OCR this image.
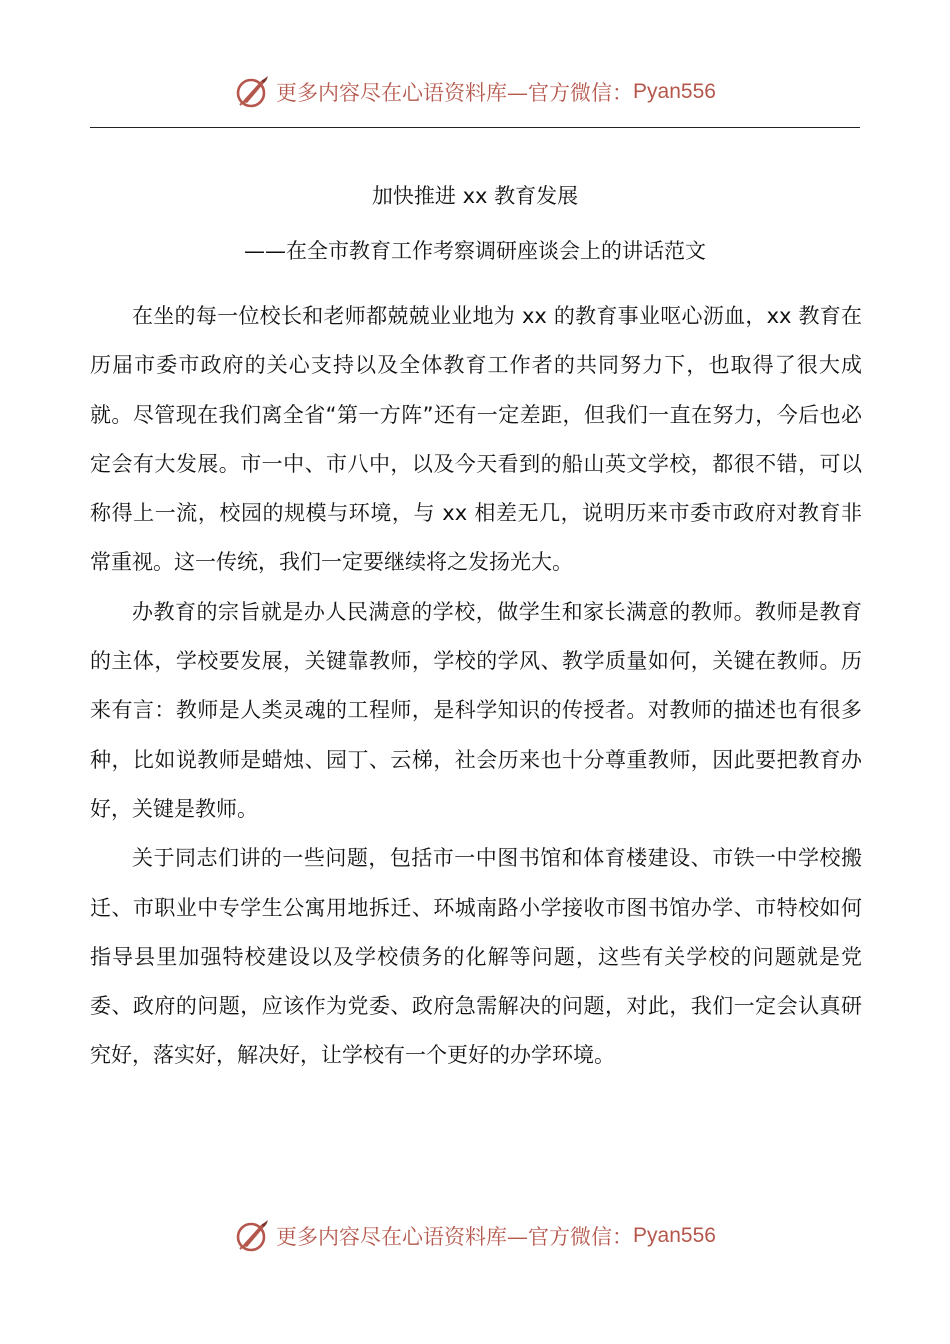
更多内容尽在心语资料库— 官方微信： Pyan556
加快推进 xx 教育发展
——在全市教育工作考察调研座谈会上的讲话范文

在坐的每一位校长和老师都兢兢业业地为 xx 的教育事业呕心沥血，xx 教育在历届市委市政府的关心支持以及全体教育工作者的共同努力下，也取得了很大成就。尽管现在我们离全省“第一方阵”还有一定差距，但我们一直在努力，今后也必定会有大发展。市一中、市八中，以及今天看到的船山英文学校，都很不错，可以称得上一流，校园的规模与环境，与 xx 相差无几，说明历来市委市政府对教育非常重视。这一传统，我们一定要继续将之发扬光大。

办教育的宗旨就是办人民满意的学校，做学生和家长满意的教师。教师是教育的主体，学校要发展，关键靠教师，学校的学风、教学质量如何，关键在教师。历来有言：教师是人类灵魂的工程师，是科学知识的传授者。对教师的描述也有很多种，比如说教师是蜡烛、园丁、云梯，社会历来也十分尊重教师，因此要把教育办好，关键是教师。

关于同志们讲的一些问题，包括市一中图书馆和体育楼建设、市铁一中学校搬迁、市职业中专学生公寓用地拆迁、环城南路小学接收市图书馆办学、市特校如何指导县里加强特校建设以及学校债务的化解等问题，这些有关学校的问题就是党委、政府的问题，应该作为党委、政府急需解决的问题，对此，我们一定会认真研究好，落实好，解决好，让学校有一个更好的办学环境。

更多内容尽在心语资料库— 官方微信： Pyan556
